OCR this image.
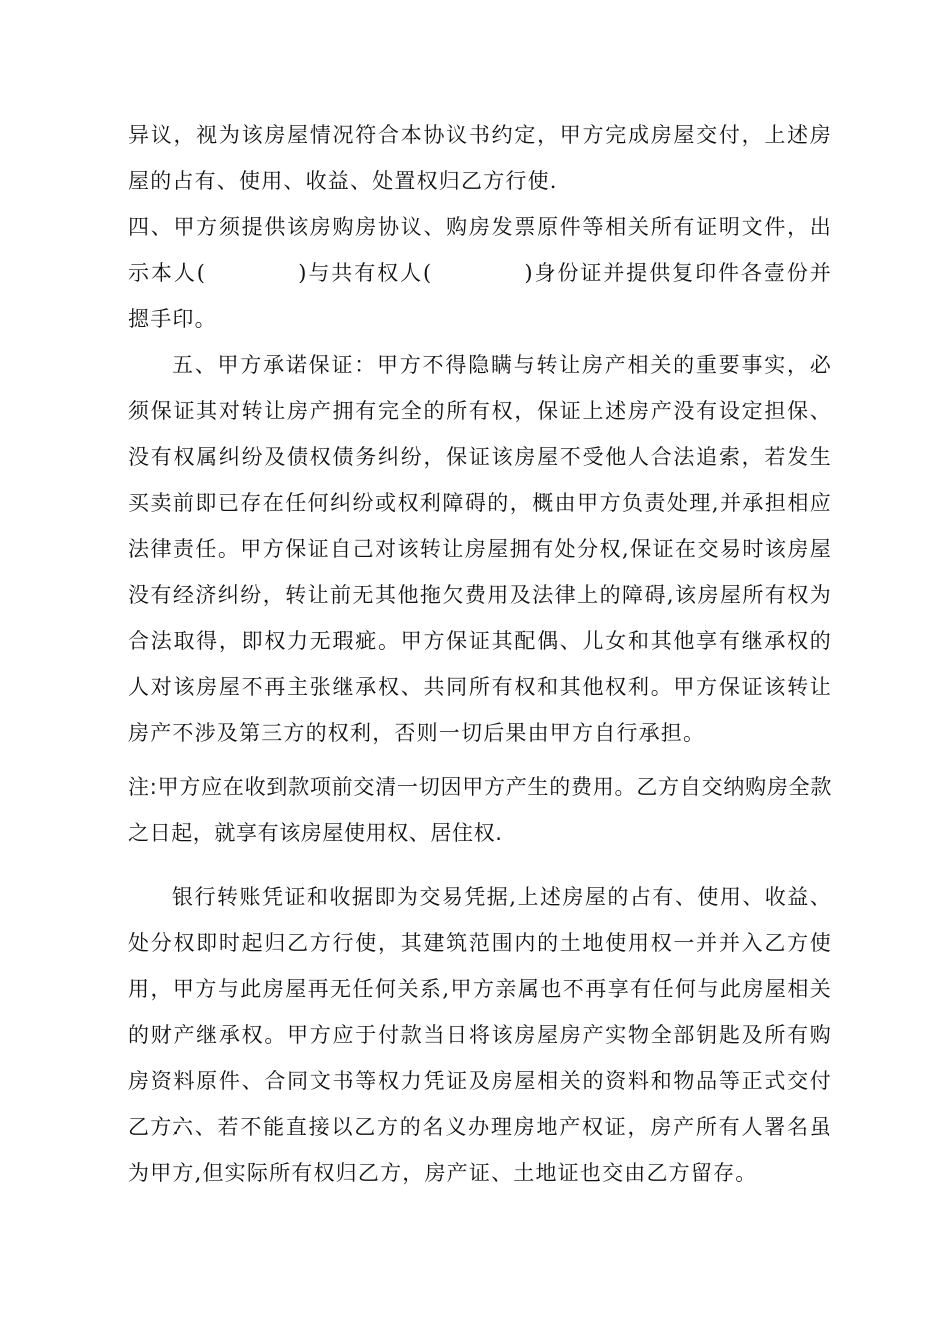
异议，视为该房屋情况符合本协议书约定，甲方完成房屋交付，上述房屋的占有、使用、收益、处置权归乙方行使.

四、甲方须提供该房购房协议、购房发票原件等相关所有证明文件，出示本人(	)与共有权人(	)身份证并提供复印件各壹份并摁手印。

五、甲方承诺保证：甲方不得隐瞒与转让房产相关的重要事实，必须保证其对转让房产拥有完全的所有权，保证上述房产没有设定担保、没有权属纠纷及债权债务纠纷，保证该房屋不受他人合法追索，若发生买卖前即已存在任何纠纷或权利障碍的，概由甲方负责处理,并承担相应法律责任。甲方保证自己对该转让房屋拥有处分权,保证在交易时该房屋没有经济纠纷，转让前无其他拖欠费用及法律上的障碍,该房屋所有权为合法取得，即权力无瑕疵。甲方保证其配偶、儿女和其他享有继承权的人对该房屋不再主张继承权、共同所有权和其他权利。甲方保证该转让房产不涉及第三方的权利，否则一切后果由甲方自行承担。

注:甲方应在收到款项前交清一切因甲方产生的费用。乙方自交纳购房全款之日起，就享有该房屋使用权、居住权.

银行转账凭证和收据即为交易凭据,上述房屋的占有、使用、收益、处分权即时起归乙方行使，其建筑范围内的土地使用权一并并入乙方使用，甲方与此房屋再无任何关系,甲方亲属也不再享有任何与此房屋相关的财产继承权。甲方应于付款当日将该房屋房产实物全部钥匙及所有购房资料原件、合同文书等权力凭证及房屋相关的资料和物品等正式交付乙方.

六、若不能直接以乙方的名义办理房地产权证，房产所有人署名虽为甲方,但实际所有权归乙方，房产证、土地证也交由乙方留存。
